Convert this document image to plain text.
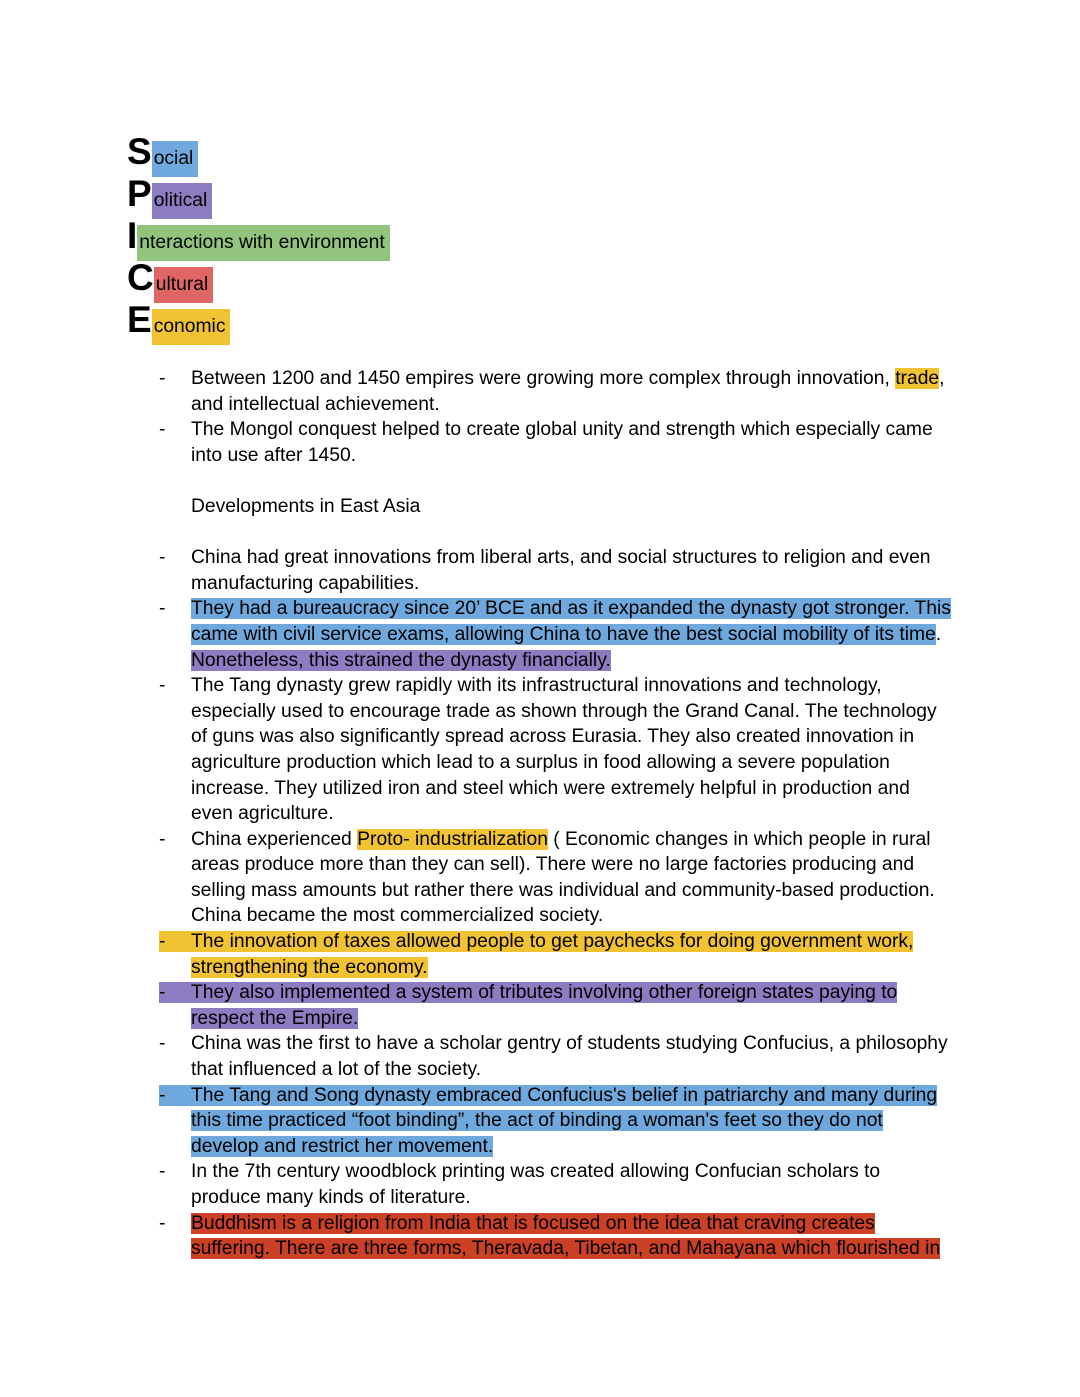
Social
Political
Interactions with environment
Cultural
Economic
-	Between 1200 and 1450 empires were growing more complex through innovation, trade, and intellectual achievement.
-	The Mongol conquest helped to create global unity and strength which especially came into use after 1450.
Developments in East Asia
-	China had great innovations from liberal arts, and social structures to religion and even manufacturing capabilities.
-	They had a bureaucracy since 20’ BCE and as it expanded the dynasty got stronger. This came with civil service exams, allowing China to have the best social mobility of its time. Nonetheless, this strained the dynasty financially.
-	The Tang dynasty grew rapidly with its infrastructural innovations and technology, especially used to encourage trade as shown through the Grand Canal. The technology of guns was also significantly spread across Eurasia. They also created innovation in agriculture production which lead to a surplus in food allowing a severe population increase. They utilized iron and steel which were extremely helpful in production and even agriculture.
-	China experienced Proto- industrialization ( Economic changes in which people in rural areas produce more than they can sell). There were no large factories producing and selling mass amounts but rather there was individual and community-based production. China became the most commercialized society.
-	The innovation of taxes allowed people to get paychecks for doing government work, strengthening the economy.
-	They also implemented a system of tributes involving other foreign states paying to respect the Empire.
-	China was the first to have a scholar gentry of students studying Confucius, a philosophy that influenced a lot of the society.
-	The Tang and Song dynasty embraced Confucius's belief in patriarchy and many during this time practiced “foot binding”, the act of binding a woman's feet so they do not develop and restrict her movement.
-	In the 7th century woodblock printing was created allowing Confucian scholars to produce many kinds of literature.
-	Buddhism is a religion from India that is focused on the idea that craving creates suffering. There are three forms, Theravada, Tibetan, and Mahayana which flourished in
